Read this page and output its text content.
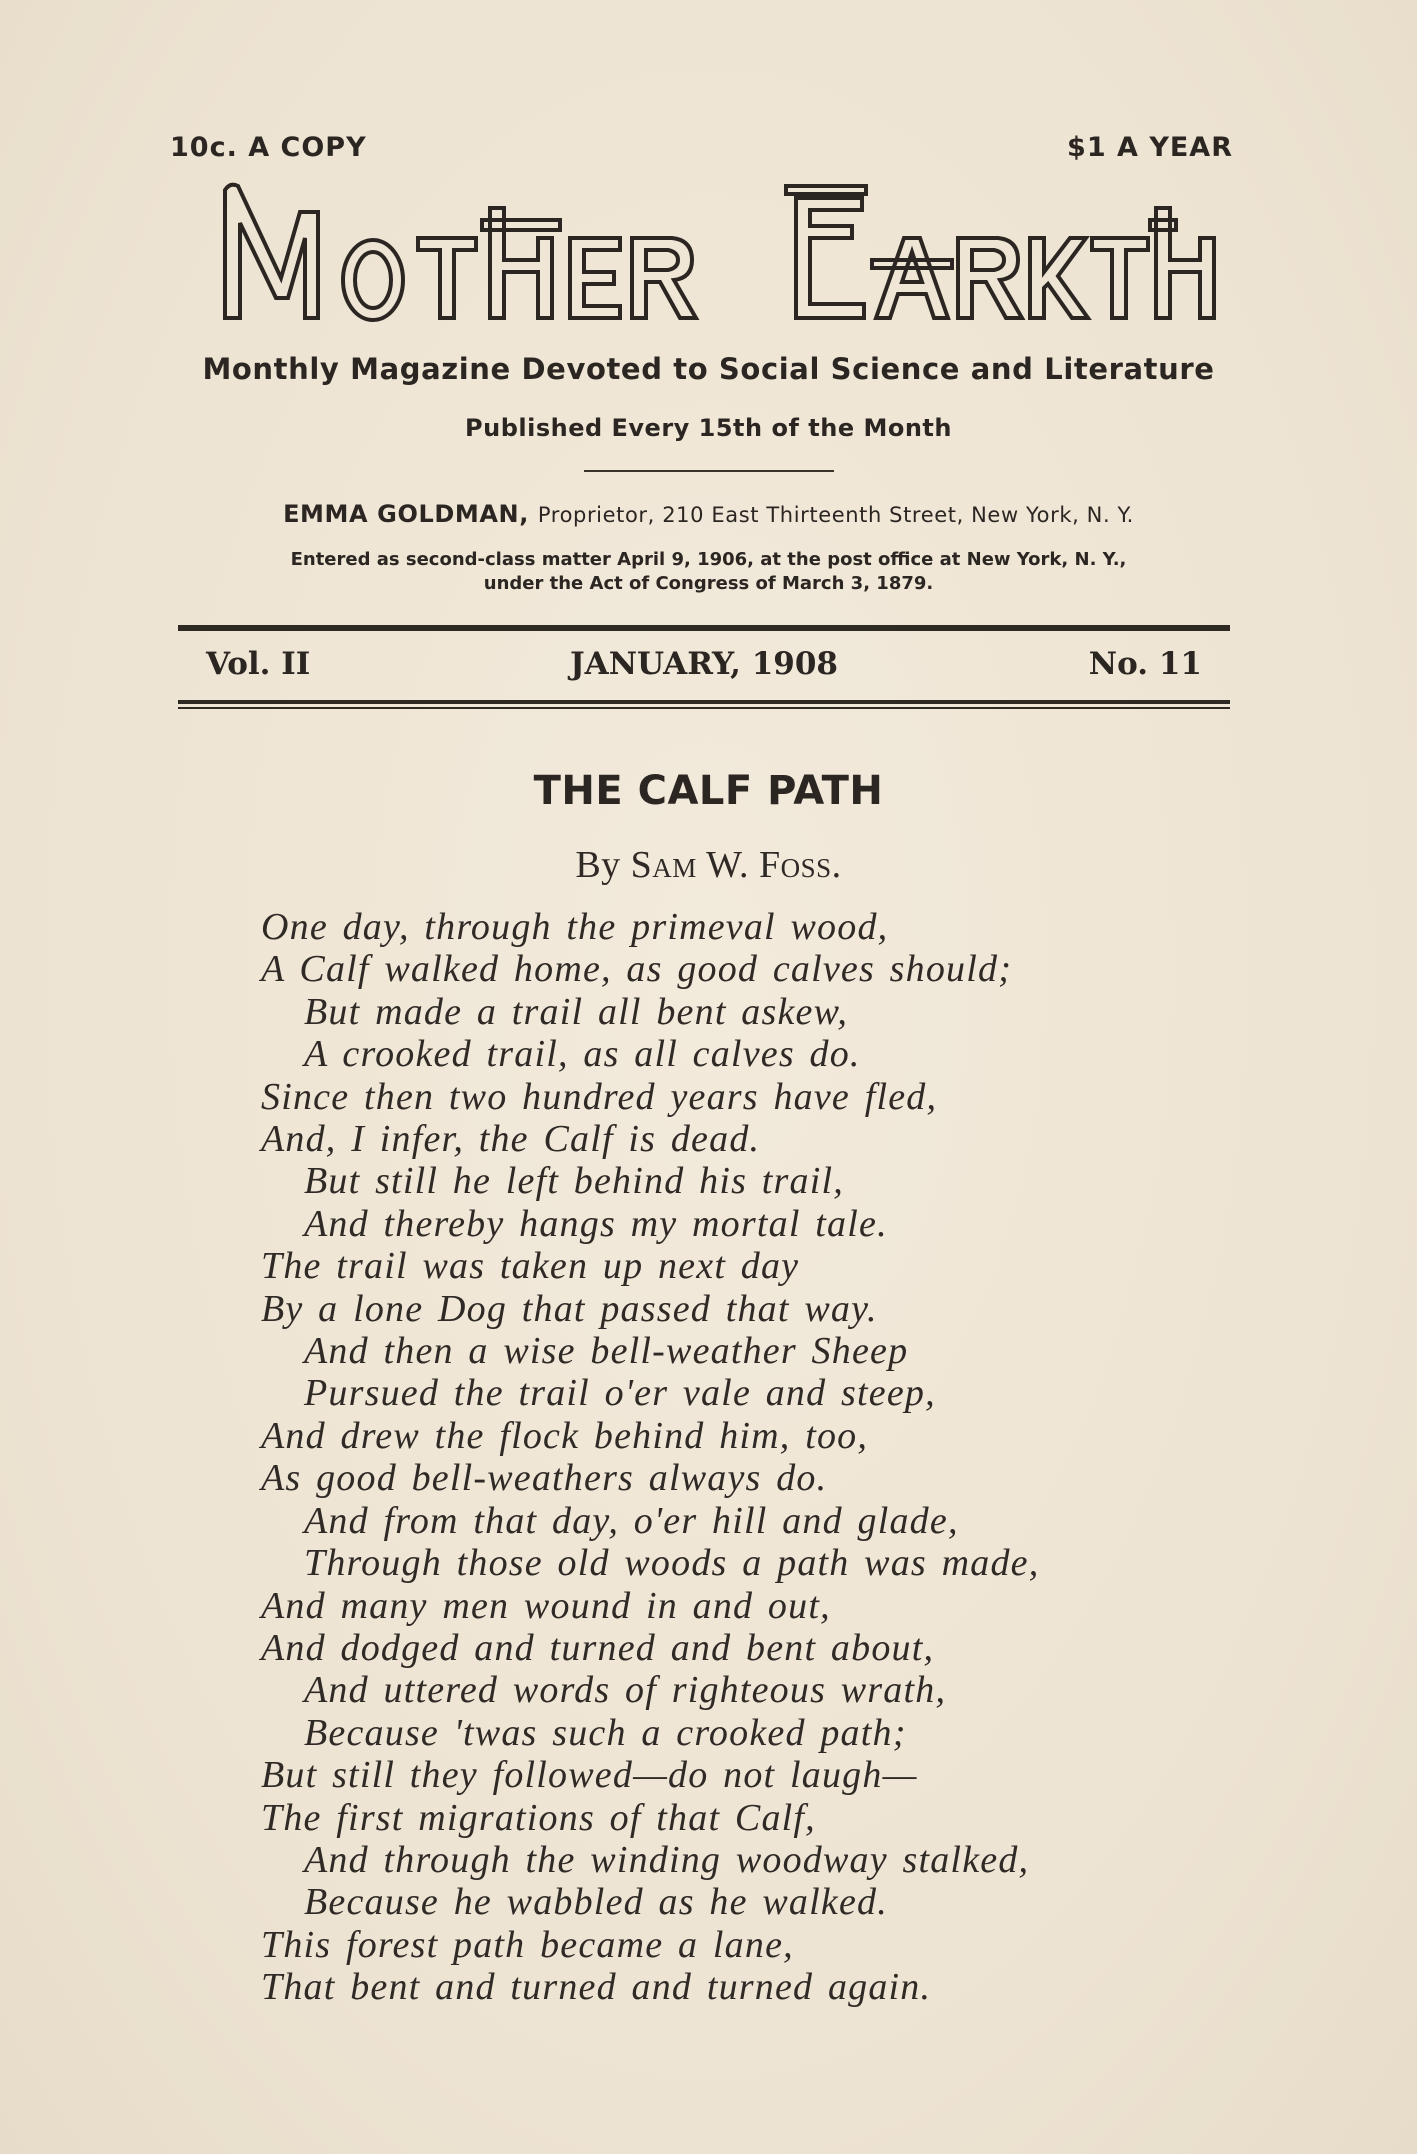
10c. A COPY	$1 A YEAR
Monthly Magazine Devoted to Social Science and Literature
Published Every 15th of the Month
EMMA GOLDMAN, Proprietor, 210 East Thirteenth Street, New York, N. Y.
Entered as second-class matter April 9, 1906, at the post office at New York, N. Y.,
under the Act of Congress of March 3, 1879.
Vol. II	JANUARY, 1908	No. 11
THE CALF PATH
By Sam W. Foss.
One day, through the primeval wood,
A Calf walked home, as good calves should;
But made a trail all bent askew,
A crooked trail, as all calves do.
Since then two hundred years have fled,
And, I infer, the Calf is dead.
But still he left behind his trail,
And thereby hangs my mortal tale.
The trail was taken up next day
By a lone Dog that passed that way.
And then a wise bell-weather Sheep
Pursued the trail o'er vale and steep,
And drew the flock behind him, too,
As good bell-weathers always do.
And from that day, o'er hill and glade,
Through those old woods a path was made,
And many men wound in and out,
And dodged and turned and bent about,
And uttered words of righteous wrath,
Because 'twas such a crooked path;
But still they followed—do not laugh—
The first migrations of that Calf,
And through the winding woodway stalked,
Because he wabbled as he walked.
This forest path became a lane,
That bent and turned and turned again.
